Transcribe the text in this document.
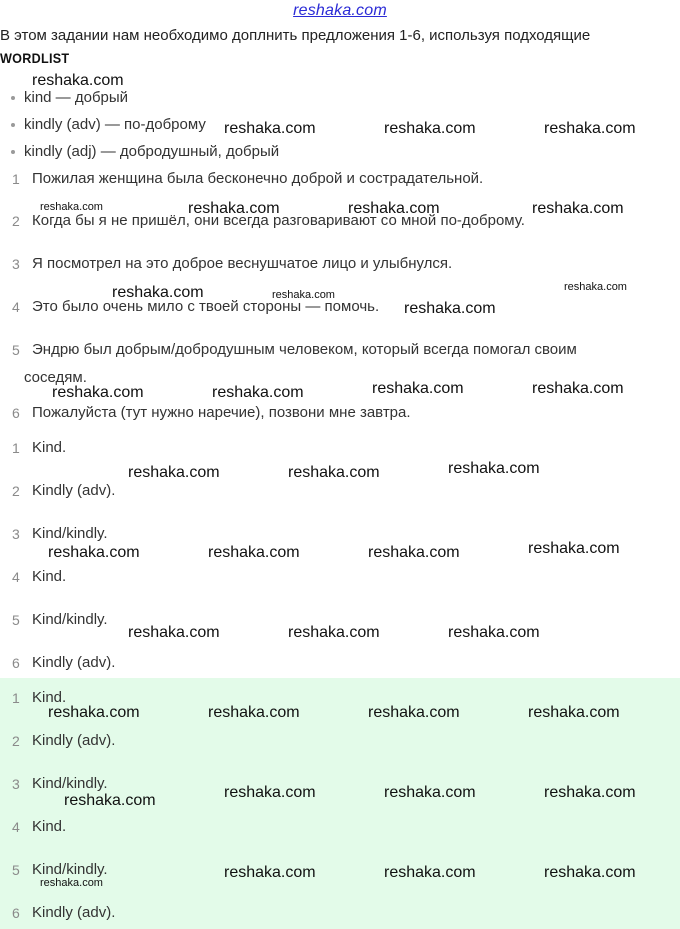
reshaka.com
В этом задании нам необходимо доплнить предложения 1-6, используя подходящие
WORDLIST
kind — добрый
kindly (adv) — по-доброму
kindly (adj) — добродушный, добрый
1 Пожилая женщина была бесконечно доброй и сострадательной.
2 Когда бы я не пришёл, они всегда разговаривают со мной по-доброму.
3 Я посмотрел на это доброе веснушчатое лицо и улыбнулся.
4 Это было очень мило с твоей стороны — помочь.
5 Эндрю был добрым/добродушным человеком, который всегда помогал своим
соседям.
6 Пожалуйста (тут нужно наречие), позвони мне завтра.
1 Kind.
2 Kindly (adv).
3 Kind/kindly.
4 Kind.
5 Kind/kindly.
6 Kindly (adv).
1 Kind.
2 Kindly (adv).
3 Kind/kindly.
4 Kind.
5 Kind/kindly.
6 Kindly (adv).
reshaka.com
reshaka.com	reshaka.com	reshaka.com
reshaka.com	reshaka.com	reshaka.com	reshaka.com
reshaka.com
reshaka.com	reshaka.com
reshaka.com
reshaka.com	reshaka.com	reshaka.com	reshaka.com
reshaka.com	reshaka.com	reshaka.com
reshaka.com	reshaka.com	reshaka.com	reshaka.com
reshaka.com	reshaka.com	reshaka.com
reshaka.com	reshaka.com	reshaka.com	reshaka.com
reshaka.com	reshaka.com	reshaka.com	reshaka.com
reshaka.com
reshaka.com	reshaka.com	reshaka.com
